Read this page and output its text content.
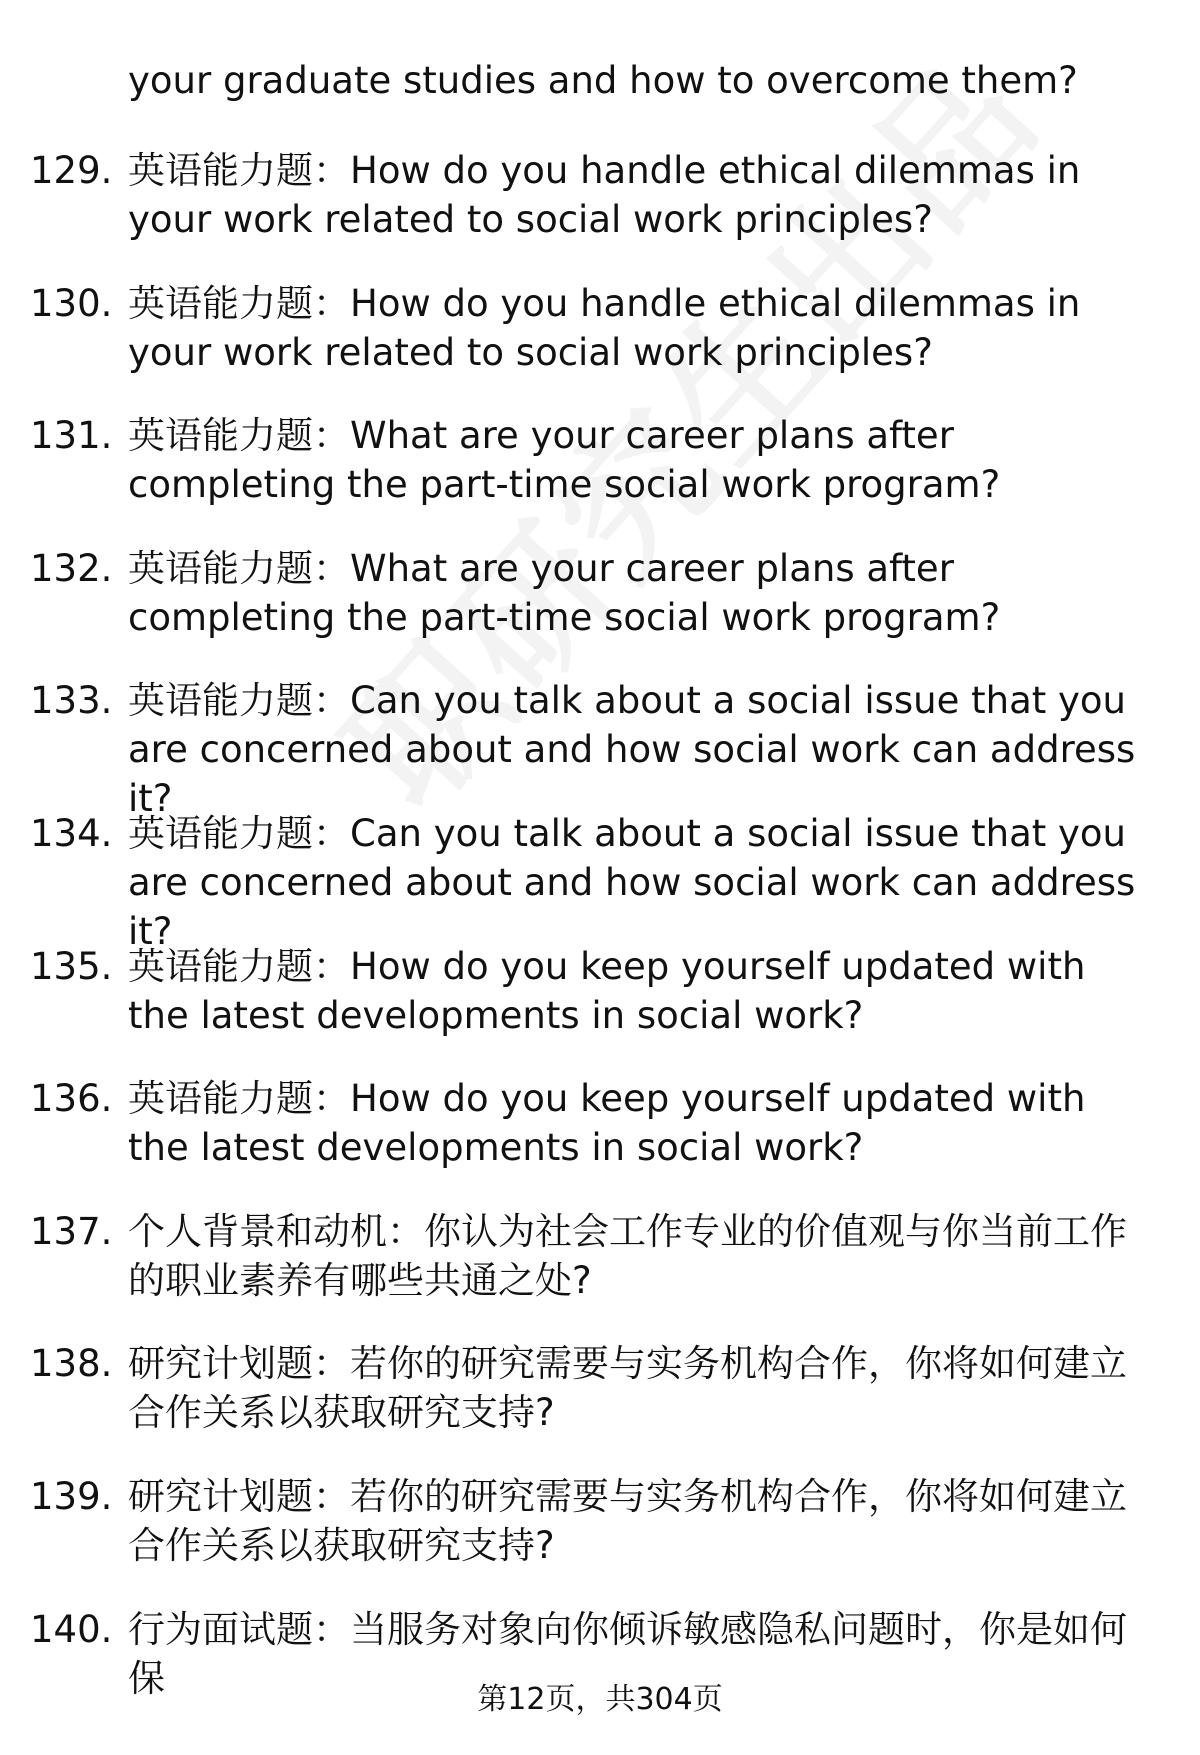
your graduate studies and how to overcome them?
129. 英语能力题：How do you handle ethical dilemmas in your work related to social work principles?
130. 英语能力题：How do you handle ethical dilemmas in your work related to social work principles?
131. 英语能力题：What are your career plans after completing the part-time social work program?
132. 英语能力题：What are your career plans after completing the part-time social work program?
133. 英语能力题：Can you talk about a social issue that you are concerned about and how social work can address it?
134. 英语能力题：Can you talk about a social issue that you are concerned about and how social work can address it?
135. 英语能力题：How do you keep yourself updated with the latest developments in social work?
136. 英语能力题：How do you keep yourself updated with the latest developments in social work?
137. 个人背景和动机：你认为社会工作专业的价值观与你当前工作的职业素养有哪些共通之处?
138. 研究计划题：若你的研究需要与实务机构合作，你将如何建立合作关系以获取研究支持?
139. 研究计划题：若你的研究需要与实务机构合作，你将如何建立合作关系以获取研究支持?
140. 行为面试题：当服务对象向你倾诉敏感隐私问题时，你是如何保	第12页，共304页
